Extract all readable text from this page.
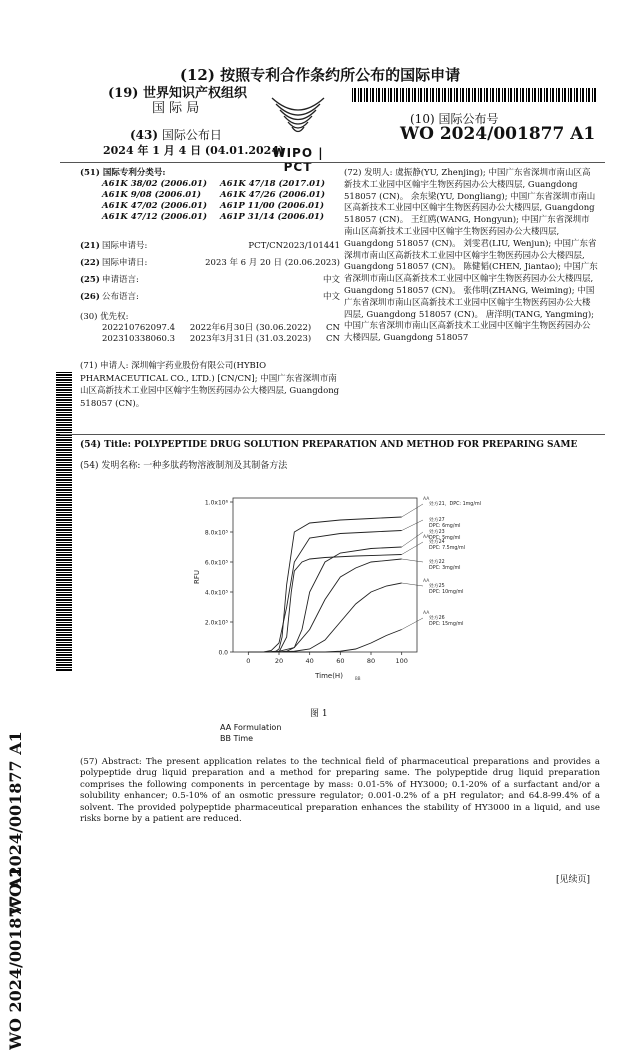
(12) 按照专利合作条约所公布的国际申请
(19) 世界知识产权组织
国 际 局
(43) 国际公布日
2024 年 1 月 4 日 (04.01.2024)
WIPO | PCT
(10) 国际公布号
WO 2024/001877 A1
WO 2024/001877 A1
WO 2024/001877 A1
(51) 国际专利分类号:
A61K 38/02 (2006.01)	A61K 47/18 (2017.01)
A61K 9/08 (2006.01)	A61K 47/26 (2006.01)
A61K 47/02 (2006.01)	A61P 11/00 (2006.01)
A61K 47/12 (2006.01)	A61P 31/14 (2006.01)
(21) 国际申请号:	PCT/CN2023/101441
(22) 国际申请日:	2023 年 6 月 20 日 (20.06.2023)
(25) 申请语言:	中文
(26) 公布语言:	中文
(30) 优先权:
202210762097.4 2022年6月30日 (30.06.2022) CN
202310338060.3 2023年3月31日 (31.03.2023) CN
(71) 申请人: 深圳翰宇药业股份有限公司(HYBIO PHARMACEUTICAL CO., LTD.) [CN/CN]; 中国广东省深圳市南山区高新技术工业园中区翰宇生物医药园办公大楼四层, Guangdong 518057 (CN)。
(72) 发明人: 虞振静(YU, Zhenjing); 中国广东省深圳市南山区高新技术工业园中区翰宇生物医药园办公大楼四层, Guangdong 518057 (CN)。 余东梁(YU, Dongliang); 中国广东省深圳市南山区高新技术工业园中区翰宇生物医药园办公大楼四层, Guangdong 518057 (CN)。 王红鸥(WANG, Hongyun); 中国广东省深圳市南山区高新技术工业园中区翰宇生物医药园办公大楼四层, Guangdong 518057 (CN)。 刘雯君(LIU, Wenjun); 中国广东省深圳市南山区高新技术工业园中区翰宇生物医药园办公大楼四层, Guangdong 518057 (CN)。 陈健韬(CHEN, Jiantao); 中国广东省深圳市南山区高新技术工业园中区翰宇生物医药园办公大楼四层, Guangdong 518057 (CN)。 张伟明(ZHANG, Weiming); 中国广东省深圳市南山区高新技术工业园中区翰宇生物医药园办公大楼四层, Guangdong 518057 (CN)。 唐洋明(TANG, Yangming); 中国广东省深圳市南山区高新技术工业园中区翰宇生物医药园办公大楼四层, Guangdong 518057
(54) Title: POLYPEPTIDE DRUG SOLUTION PREPARATION AND METHOD FOR PREPARING SAME
(54) 发明名称: 一种多肽药物溶液制剂及其制备方法
0.0
2.0x10⁵
4.0x10⁵
6.0x10⁵
8.0x10⁵
1.0x10⁶
0	20	40	60	80	100
Time(H)	BB
RFU
AA
处方21，DPC: 1mg/ml
处方27
DPC: 6mg/ml
处方23
DPC: 5mg/ml
AA
处方24
DPC: 7.5mg/ml
处方22
DPC: 3mg/ml
AA
处方25
DPC: 10mg/ml
AA
处方26
DPC: 15mg/ml
图 1
AA Formulation
BB Time
(57) Abstract: The present application relates to the technical field of pharmaceutical preparations and provides a polypeptide drug liquid preparation and a method for preparing same. The polypeptide drug liquid preparation comprises the following components in percentage by mass: 0.01-5% of HY3000; 0.1-20% of a surfactant and/or a solubility enhancer; 0.5-10% of an osmotic pressure regulator; 0.001-0.2% of a pH regulator; and 64.8-99.4% of a solvent. The provided polypeptide pharmaceutical preparation enhances the stability of HY3000 in a liquid, and use risks borne by a patient are reduced.
[见续页]
